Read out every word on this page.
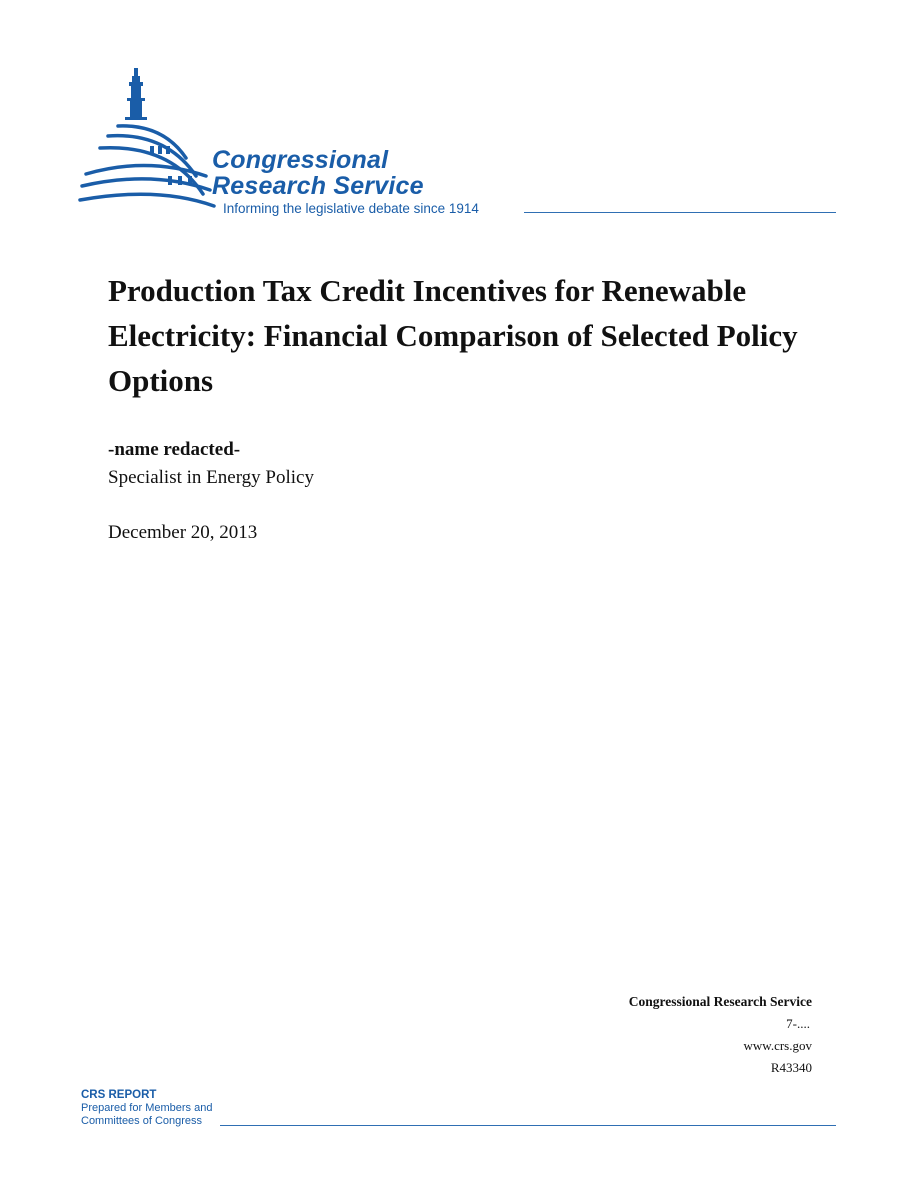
Congressional
Research Service
Informing the legislative debate since 1914
Production Tax Credit Incentives for Renewable Electricity: Financial Comparison of Selected Policy Options
-name redacted-
Specialist in Energy Policy
December 20, 2013
Congressional Research Service
7-....
www.crs.gov
R43340
CRS REPORT
Prepared for Members and
Committees of Congress
